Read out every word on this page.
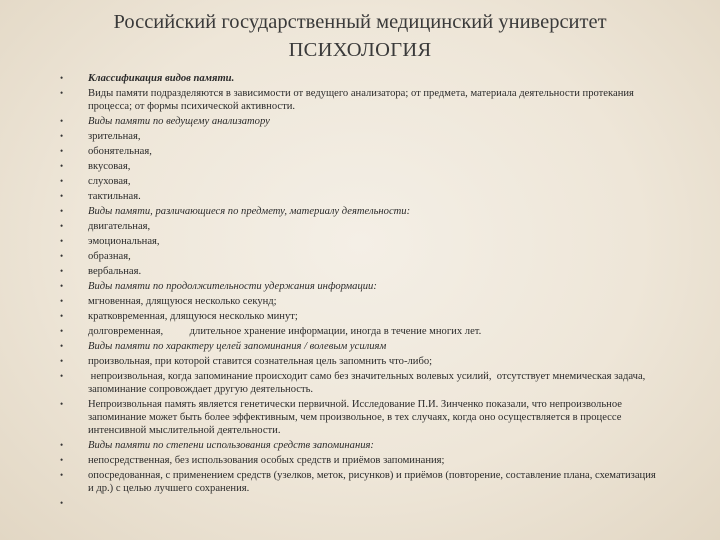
Российский государственный медицинский университет
ПСИХОЛОГИЯ
• Классификация видов памяти.
• Виды памяти подразделяются в зависимости от ведущего анализатора; от предмета, материала деятельности протекания процесса; от формы психической активности.
• Виды памяти по ведущему анализатору
• зрительная,
• обонятельная,
• вкусовая,
• слуховая,
• тактильная.
• Виды памяти, различающиеся по предмету, материалу деятельности:
• двигательная,
• эмоциональная,
• образная,
• вербальная.
• Виды памяти по продолжительности удержания информации:
• мгновенная, длящуюся несколько секунд;
• кратковременная, длящуюся несколько минут;
• долговременная,          длительное хранение информации, иногда в течение многих лет.
• Виды памяти по характеру целей запоминания / волевым усилиям
• произвольная, при которой ставится сознательная цель запомнить что-либо;
•  непроизвольная, когда запоминание происходит само без значительных волевых усилий,  отсутствует мнемическая задача, запоминание сопровождает другую деятельность.
• Непроизвольная память является генетически первичной. Исследование П.И. Зинченко показали, что непроизвольное запоминание может быть более эффективным, чем произвольное, в тех случаях, когда оно осуществляется в процессе интенсивной мыслительной деятельности.
• Виды памяти по степени использования средств запоминания:
• непосредственная, без использования особых средств и приёмов запоминания;
• опосредованная, с применением средств (узелков, меток, рисунков) и приёмов (повторение, составление плана, схематизация и др.) с целью лучшего сохранения.
•
